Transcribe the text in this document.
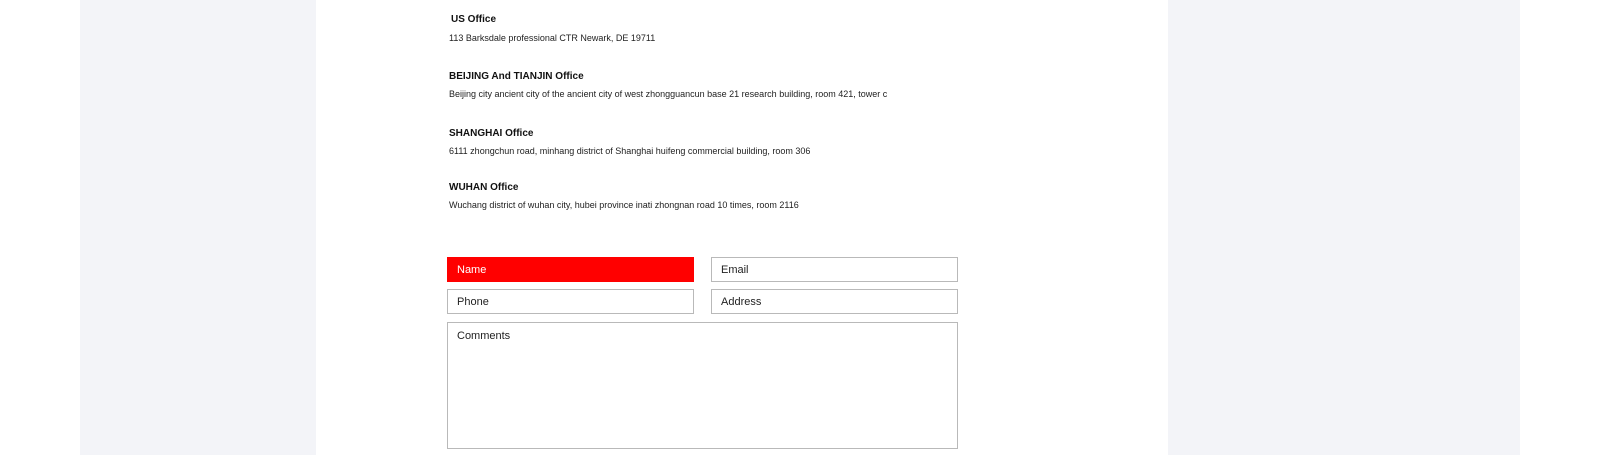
US Office
113 Barksdale professional CTR Newark, DE 19711
BEIJING And TIANJIN Office
Beijing city ancient city of the ancient city of west zhongguancun base 21 research building, room 421, tower c
SHANGHAI Office
6111 zhongchun road, minhang district of Shanghai huifeng commercial building, room 306
WUHAN Office
Wuchang district of wuhan city, hubei province inati zhongnan road 10 times, room 2116
Name
Email
Phone
Address
Comments
